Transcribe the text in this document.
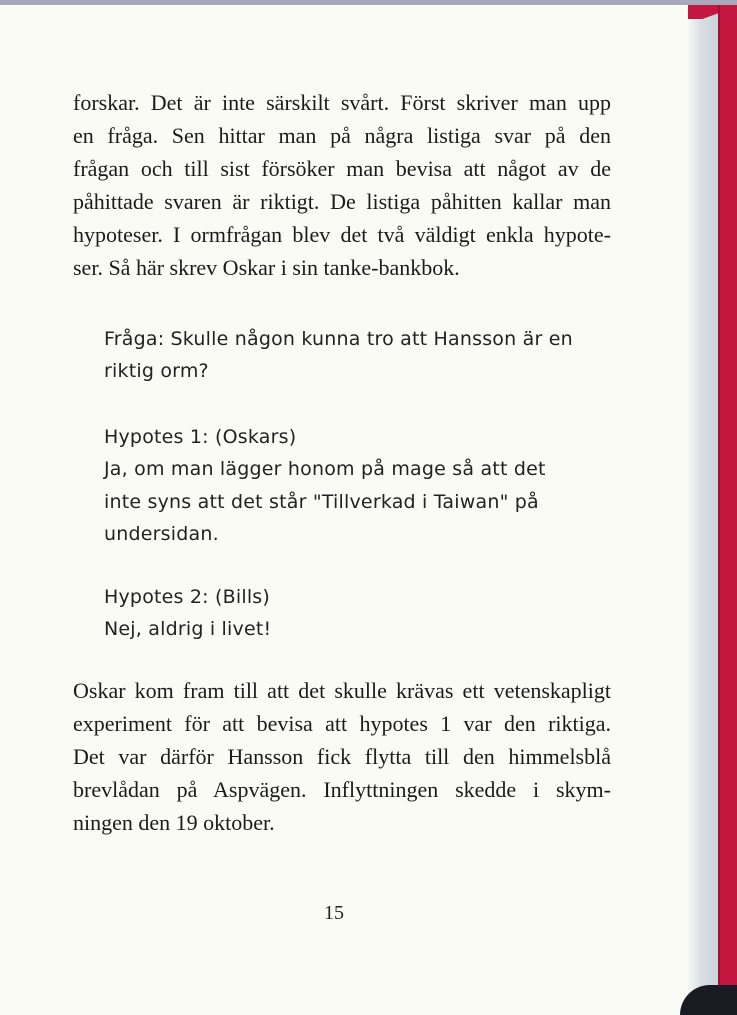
forskar. Det är inte särskilt svårt. Först skriver man upp
en fråga. Sen hittar man på några listiga svar på den
frågan och till sist försöker man bevisa att något av de
påhittade svaren är riktigt. De listiga påhitten kallar man
hypoteser. I ormfrågan blev det två väldigt enkla hypote-
ser. Så här skrev Oskar i sin tanke-bankbok.
Fråga: Skulle någon kunna tro att Hansson är en
riktig orm?
Hypotes 1: (Oskars)
Ja, om man lägger honom på mage så att det
inte syns att det står "Tillverkad i Taiwan" på
undersidan.
Hypotes 2: (Bills)
Nej, aldrig i livet!
Oskar kom fram till att det skulle krävas ett vetenskapligt
experiment för att bevisa att hypotes 1 var den riktiga.
Det var därför Hansson fick flytta till den himmelsblå
brevlådan på Aspvägen. Inflyttningen skedde i skym-
ningen den 19 oktober.
15
